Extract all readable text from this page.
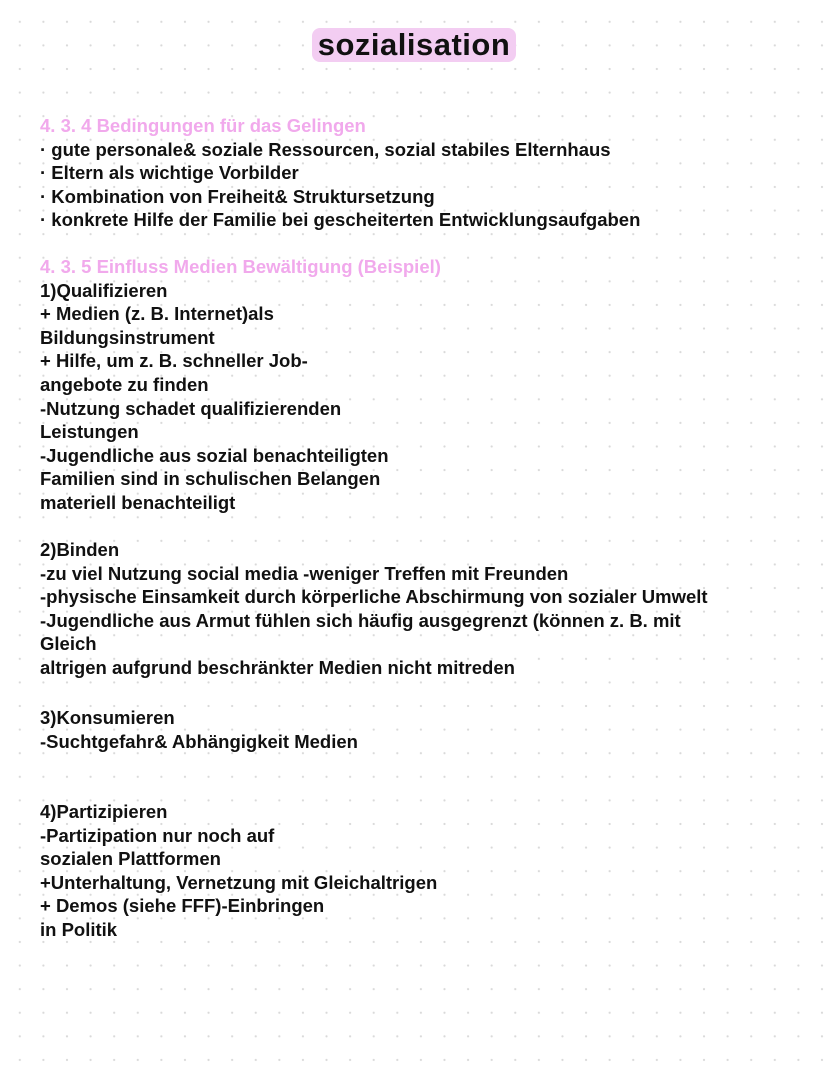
sozialisation
4. 3. 4 Bedingungen für das Gelingen
· gute personale& soziale Ressourcen, sozial stabiles Elternhaus
· Eltern als wichtige Vorbilder
· Kombination von Freiheit& Struktursetzung
· konkrete Hilfe der Familie bei gescheiterten Entwicklungsaufgaben
4. 3. 5 Einfluss Medien Bewältigung (Beispiel)
1)Qualifizieren
+ Medien (z. B. Internet)als
Bildungsinstrument
+ Hilfe, um z. B. schneller Job-
angebote zu finden
-Nutzung schadet qualifizierenden
Leistungen
-Jugendliche aus sozial benachteiligten
Familien sind in schulischen Belangen
materiell benachteiligt
2)Binden
-zu viel Nutzung social media -weniger Treffen mit Freunden
-physische Einsamkeit durch körperliche Abschirmung von sozialer Umwelt
-Jugendliche aus Armut fühlen sich häufig ausgegrenzt (können z. B. mit
Gleich
altrigen aufgrund beschränkter Medien nicht mitreden
3)Konsumieren
-Suchtgefahr& Abhängigkeit Medien
4)Partizipieren
-Partizipation nur noch auf
sozialen Plattformen
+Unterhaltung, Vernetzung mit Gleichaltrigen
+ Demos (siehe FFF)-Einbringen
in Politik
